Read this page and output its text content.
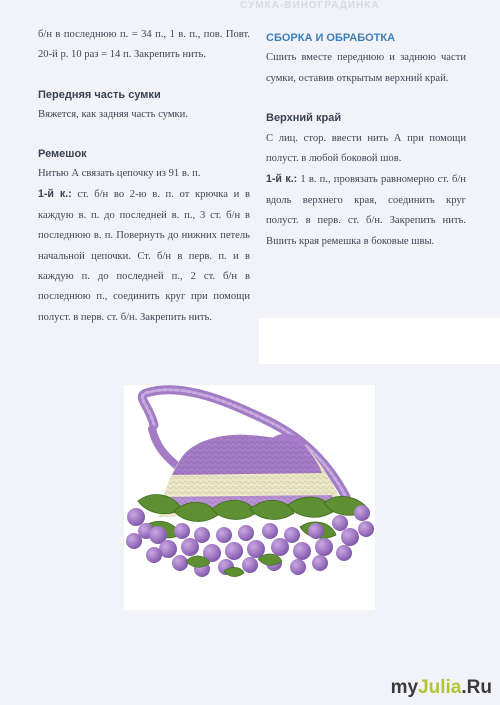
СУМКА-ВИНОГРАДИНКА

б/н в последнюю п. = 34 п., 1 в. п., пов. Повт. 20-й р. 10 раз = 14 п. Закрепить нить.

Передняя часть сумки

Вяжется, как задняя часть сумки.

Ремешок

Нитью А связать цепочку из 91 в. п.

1-й к.: ст. б/н во 2-ю в. п. от крючка и в каждую в. п. до последней в. п., 3 ст. б/н в последнюю в. п. Повернуть до нижних петель начальной цепочки. Ст. б/н в перв. п. и в каждую п. до последней п., 2 ст. б/н в последнюю п., соединить круг при помощи полуст. в перв. ст. б/н. Закрепить нить.

СБОРКА И ОБРАБОТКА

Сшить вместе переднюю и заднюю части сумки, оставив открытым верхний край.

Верхний край

С лиц. стор. ввести нить А при помощи полуст. в любой боковой шов.

1-й к.: 1 в. п., провязать равномерно ст. б/н вдоль верхнего края, соединить круг полуст. в перв. ст. б/н. Закрепить нить. Вшить края ремешка в боковые швы.

myJulia.Ru
